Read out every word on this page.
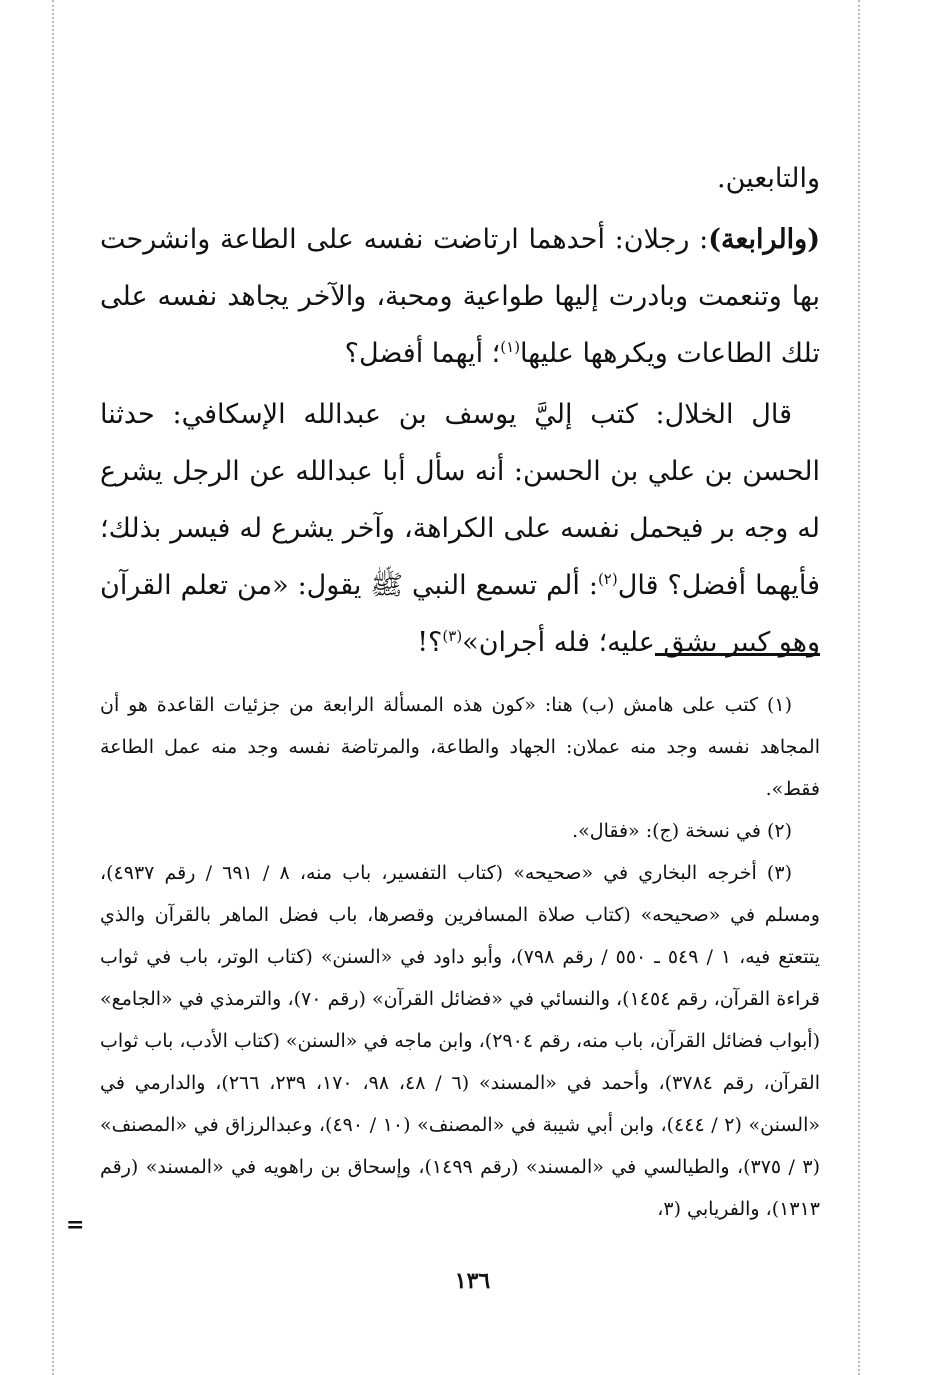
والتابعين.

(والرابعة): رجلان: أحدهما ارتاضت نفسه على الطاعة وانشرحت بها وتنعمت وبادرت إليها طواعية ومحبة، والآخر يجاهد نفسه على تلك الطاعات ويكرهها عليها$^{(١)}$؛ أيهما أفضل؟

قال الخلال: كتب إليَّ يوسف بن عبدالله الإسكافي: حدثنا الحسن بن علي بن الحسن: أنه سأل أبا عبدالله عن الرجل يشرع له وجه بر فيحمل نفسه على الكراهة، وآخر يشرع له فيسر بذلك؛ فأيهما أفضل؟ قال$^{(٢)}$: ألم تسمع النبي ﷺ يقول: «من تعلم القرآن وهو كبير يشق عليه؛ فله أجران»$^{(٣)}$؟!

(١) كتب على هامش (ب) هنا: «كون هذه المسألة الرابعة من جزئيات القاعدة هو أن المجاهد نفسه وجد منه عملان: الجهاد والطاعة، والمرتاضة نفسه وجد منه عمل الطاعة فقط».

(٢) في نسخة (ج): «فقال».

(٣) أخرجه البخاري في «صحيحه» (كتاب التفسير، باب منه، ٨ / ٦٩١ / رقم ٤٩٣٧)، ومسلم في «صحيحه» (كتاب صلاة المسافرين وقصرها، باب فضل الماهر بالقرآن والذي يتتعتع فيه، ١ / ٥٤٩ ـ ٥٥٠ / رقم ٧٩٨)، وأبو داود في «السنن» (كتاب الوتر، باب في ثواب قراءة القرآن، رقم ١٤٥٤)، والنسائي في «فضائل القرآن» (رقم ٧٠)، والترمذي في «الجامع» (أبواب فضائل القرآن، باب منه، رقم ٢٩٠٤)، وابن ماجه في «السنن» (كتاب الأدب، باب ثواب القرآن، رقم ٣٧٨٤)، وأحمد في «المسند» (٦ / ٤٨، ٩٨، ١٧٠، ٢٣٩، ٢٦٦)، والدارمي في «السنن» (٢ / ٤٤٤)، وابن أبي شيبة في «المصنف» (١٠ / ٤٩٠)، وعبدالرزاق في «المصنف» (٣ / ٣٧٥)، والطيالسي في «المسند» (رقم ١٤٩٩)، وإسحاق بن راهويه في «المسند» (رقم ١٣١٣)، والفريابي (٣،

=
١٣٦
